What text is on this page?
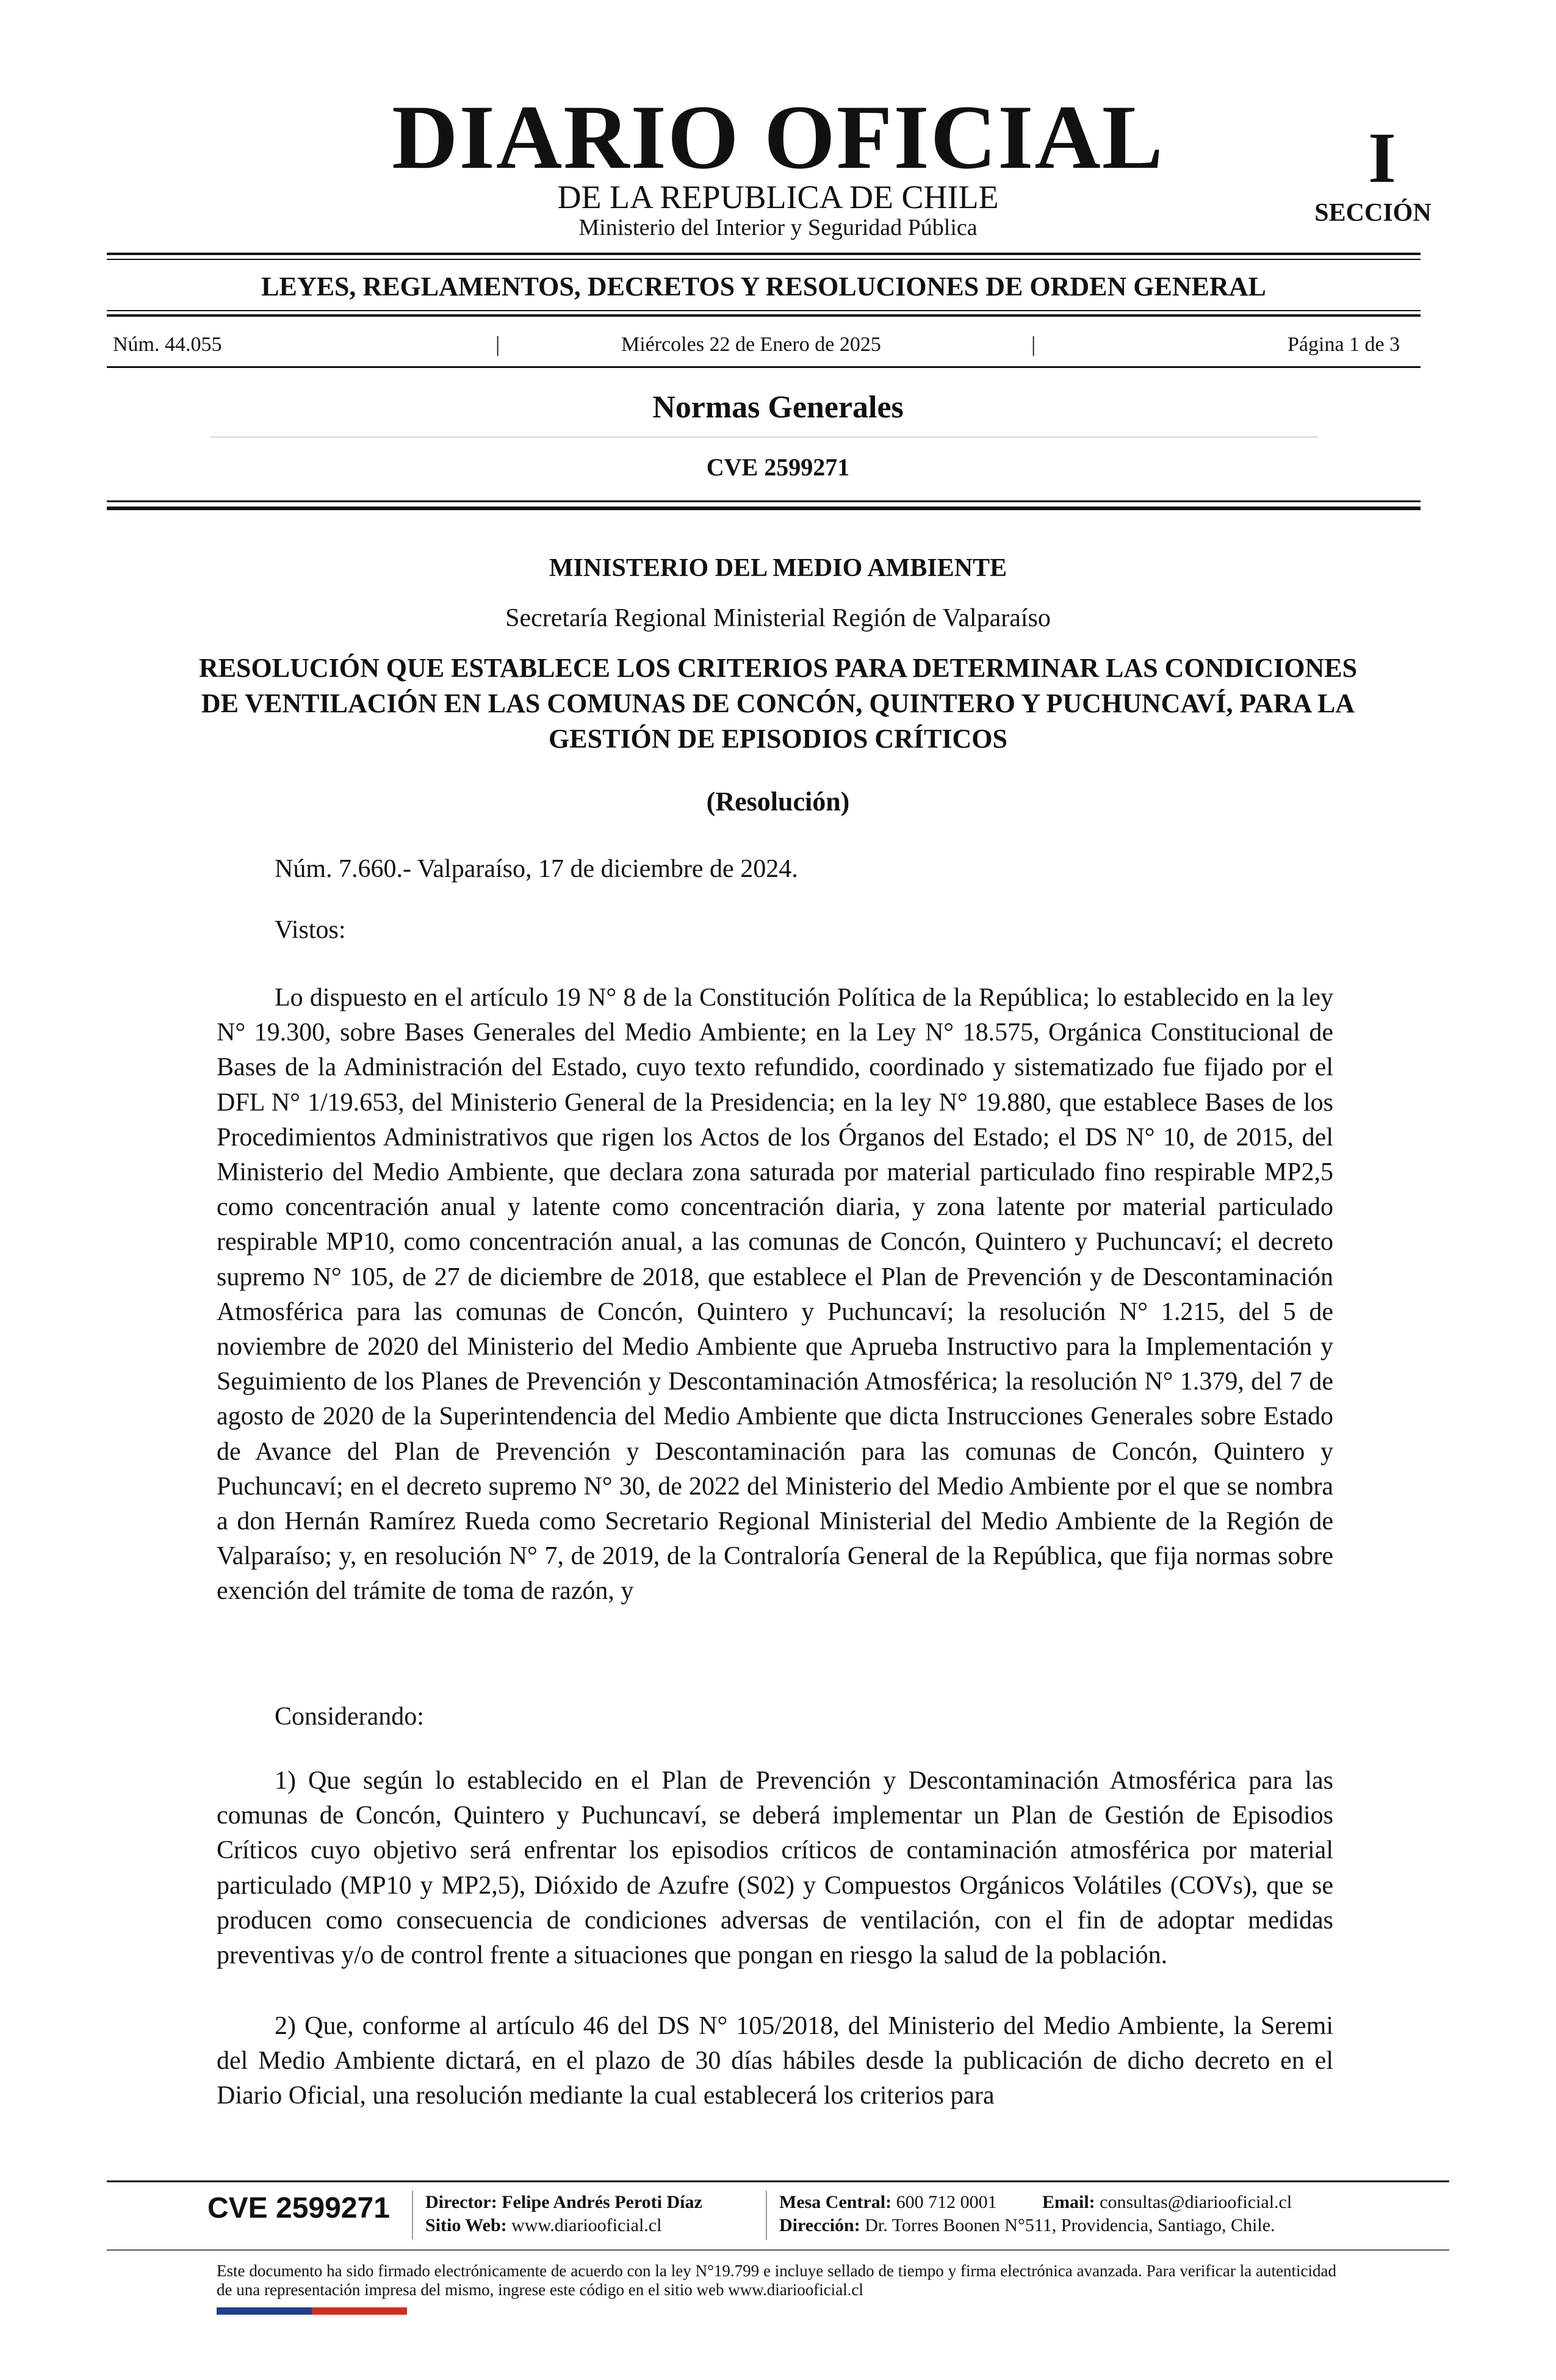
DIARIO OFICIAL
DE LA REPUBLICA DE CHILE
Ministerio del Interior y Seguridad Pública
I
SECCIÓN
LEYES, REGLAMENTOS, DECRETOS Y RESOLUCIONES DE ORDEN GENERAL
Núm. 44.055	|	Miércoles 22 de Enero de 2025	|	Página 1 de 3
Normas Generales
CVE 2599271
MINISTERIO DEL MEDIO AMBIENTE
Secretaría Regional Ministerial Región de Valparaíso
RESOLUCIÓN QUE ESTABLECE LOS CRITERIOS PARA DETERMINAR LAS CONDICIONES DE VENTILACIÓN EN LAS COMUNAS DE CONCÓN, QUINTERO Y PUCHUNCAVÍ, PARA LA GESTIÓN DE EPISODIOS CRÍTICOS
(Resolución)
Núm. 7.660.- Valparaíso, 17 de diciembre de 2024.
Vistos:
Lo dispuesto en el artículo 19 N° 8 de la Constitución Política de la República; lo establecido en la ley N° 19.300, sobre Bases Generales del Medio Ambiente; en la Ley N° 18.575, Orgánica Constitucional de Bases de la Administración del Estado, cuyo texto refundido, coordinado y sistematizado fue fijado por el DFL N° 1/19.653, del Ministerio General de la Presidencia; en la ley N° 19.880, que establece Bases de los Procedimientos Administrativos que rigen los Actos de los Órganos del Estado; el DS N° 10, de 2015, del Ministerio del Medio Ambiente, que declara zona saturada por material particulado fino respirable MP2,5 como concentración anual y latente como concentración diaria, y zona latente por material particulado respirable MP10, como concentración anual, a las comunas de Concón, Quintero y Puchuncaví; el decreto supremo N° 105, de 27 de diciembre de 2018, que establece el Plan de Prevención y de Descontaminación Atmosférica para las comunas de Concón, Quintero y Puchuncaví; la resolución N° 1.215, del 5 de noviembre de 2020 del Ministerio del Medio Ambiente que Aprueba Instructivo para la Implementación y Seguimiento de los Planes de Prevención y Descontaminación Atmosférica; la resolución N° 1.379, del 7 de agosto de 2020 de la Superintendencia del Medio Ambiente que dicta Instrucciones Generales sobre Estado de Avance del Plan de Prevención y Descontaminación para las comunas de Concón, Quintero y Puchuncaví; en el decreto supremo N° 30, de 2022 del Ministerio del Medio Ambiente por el que se nombra a don Hernán Ramírez Rueda como Secretario Regional Ministerial del Medio Ambiente de la Región de Valparaíso; y, en resolución N° 7, de 2019, de la Contraloría General de la República, que fija normas sobre exención del trámite de toma de razón, y
Considerando:
1) Que según lo establecido en el Plan de Prevención y Descontaminación Atmosférica para las comunas de Concón, Quintero y Puchuncaví, se deberá implementar un Plan de Gestión de Episodios Críticos cuyo objetivo será enfrentar los episodios críticos de contaminación atmosférica por material particulado (MP10 y MP2,5), Dióxido de Azufre (S02) y Compuestos Orgánicos Volátiles (COVs), que se producen como consecuencia de condiciones adversas de ventilación, con el fin de adoptar medidas preventivas y/o de control frente a situaciones que pongan en riesgo la salud de la población.
2) Que, conforme al artículo 46 del DS N° 105/2018, del Ministerio del Medio Ambiente, la Seremi del Medio Ambiente dictará, en el plazo de 30 días hábiles desde la publicación de dicho decreto en el Diario Oficial, una resolución mediante la cual establecerá los criterios para
CVE 2599271 Director: Felipe Andrés Peroti Díaz
Sitio Web: www.diariooficial.cl
Mesa Central: 600 712 0001 Email: consultas@diariooficial.cl
Dirección: Dr. Torres Boonen N°511, Providencia, Santiago, Chile.
Este documento ha sido firmado electrónicamente de acuerdo con la ley N°19.799 e incluye sellado de tiempo y firma electrónica avanzada. Para verificar la autenticidad de una representación impresa del mismo, ingrese este código en el sitio web www.diariooficial.cl
